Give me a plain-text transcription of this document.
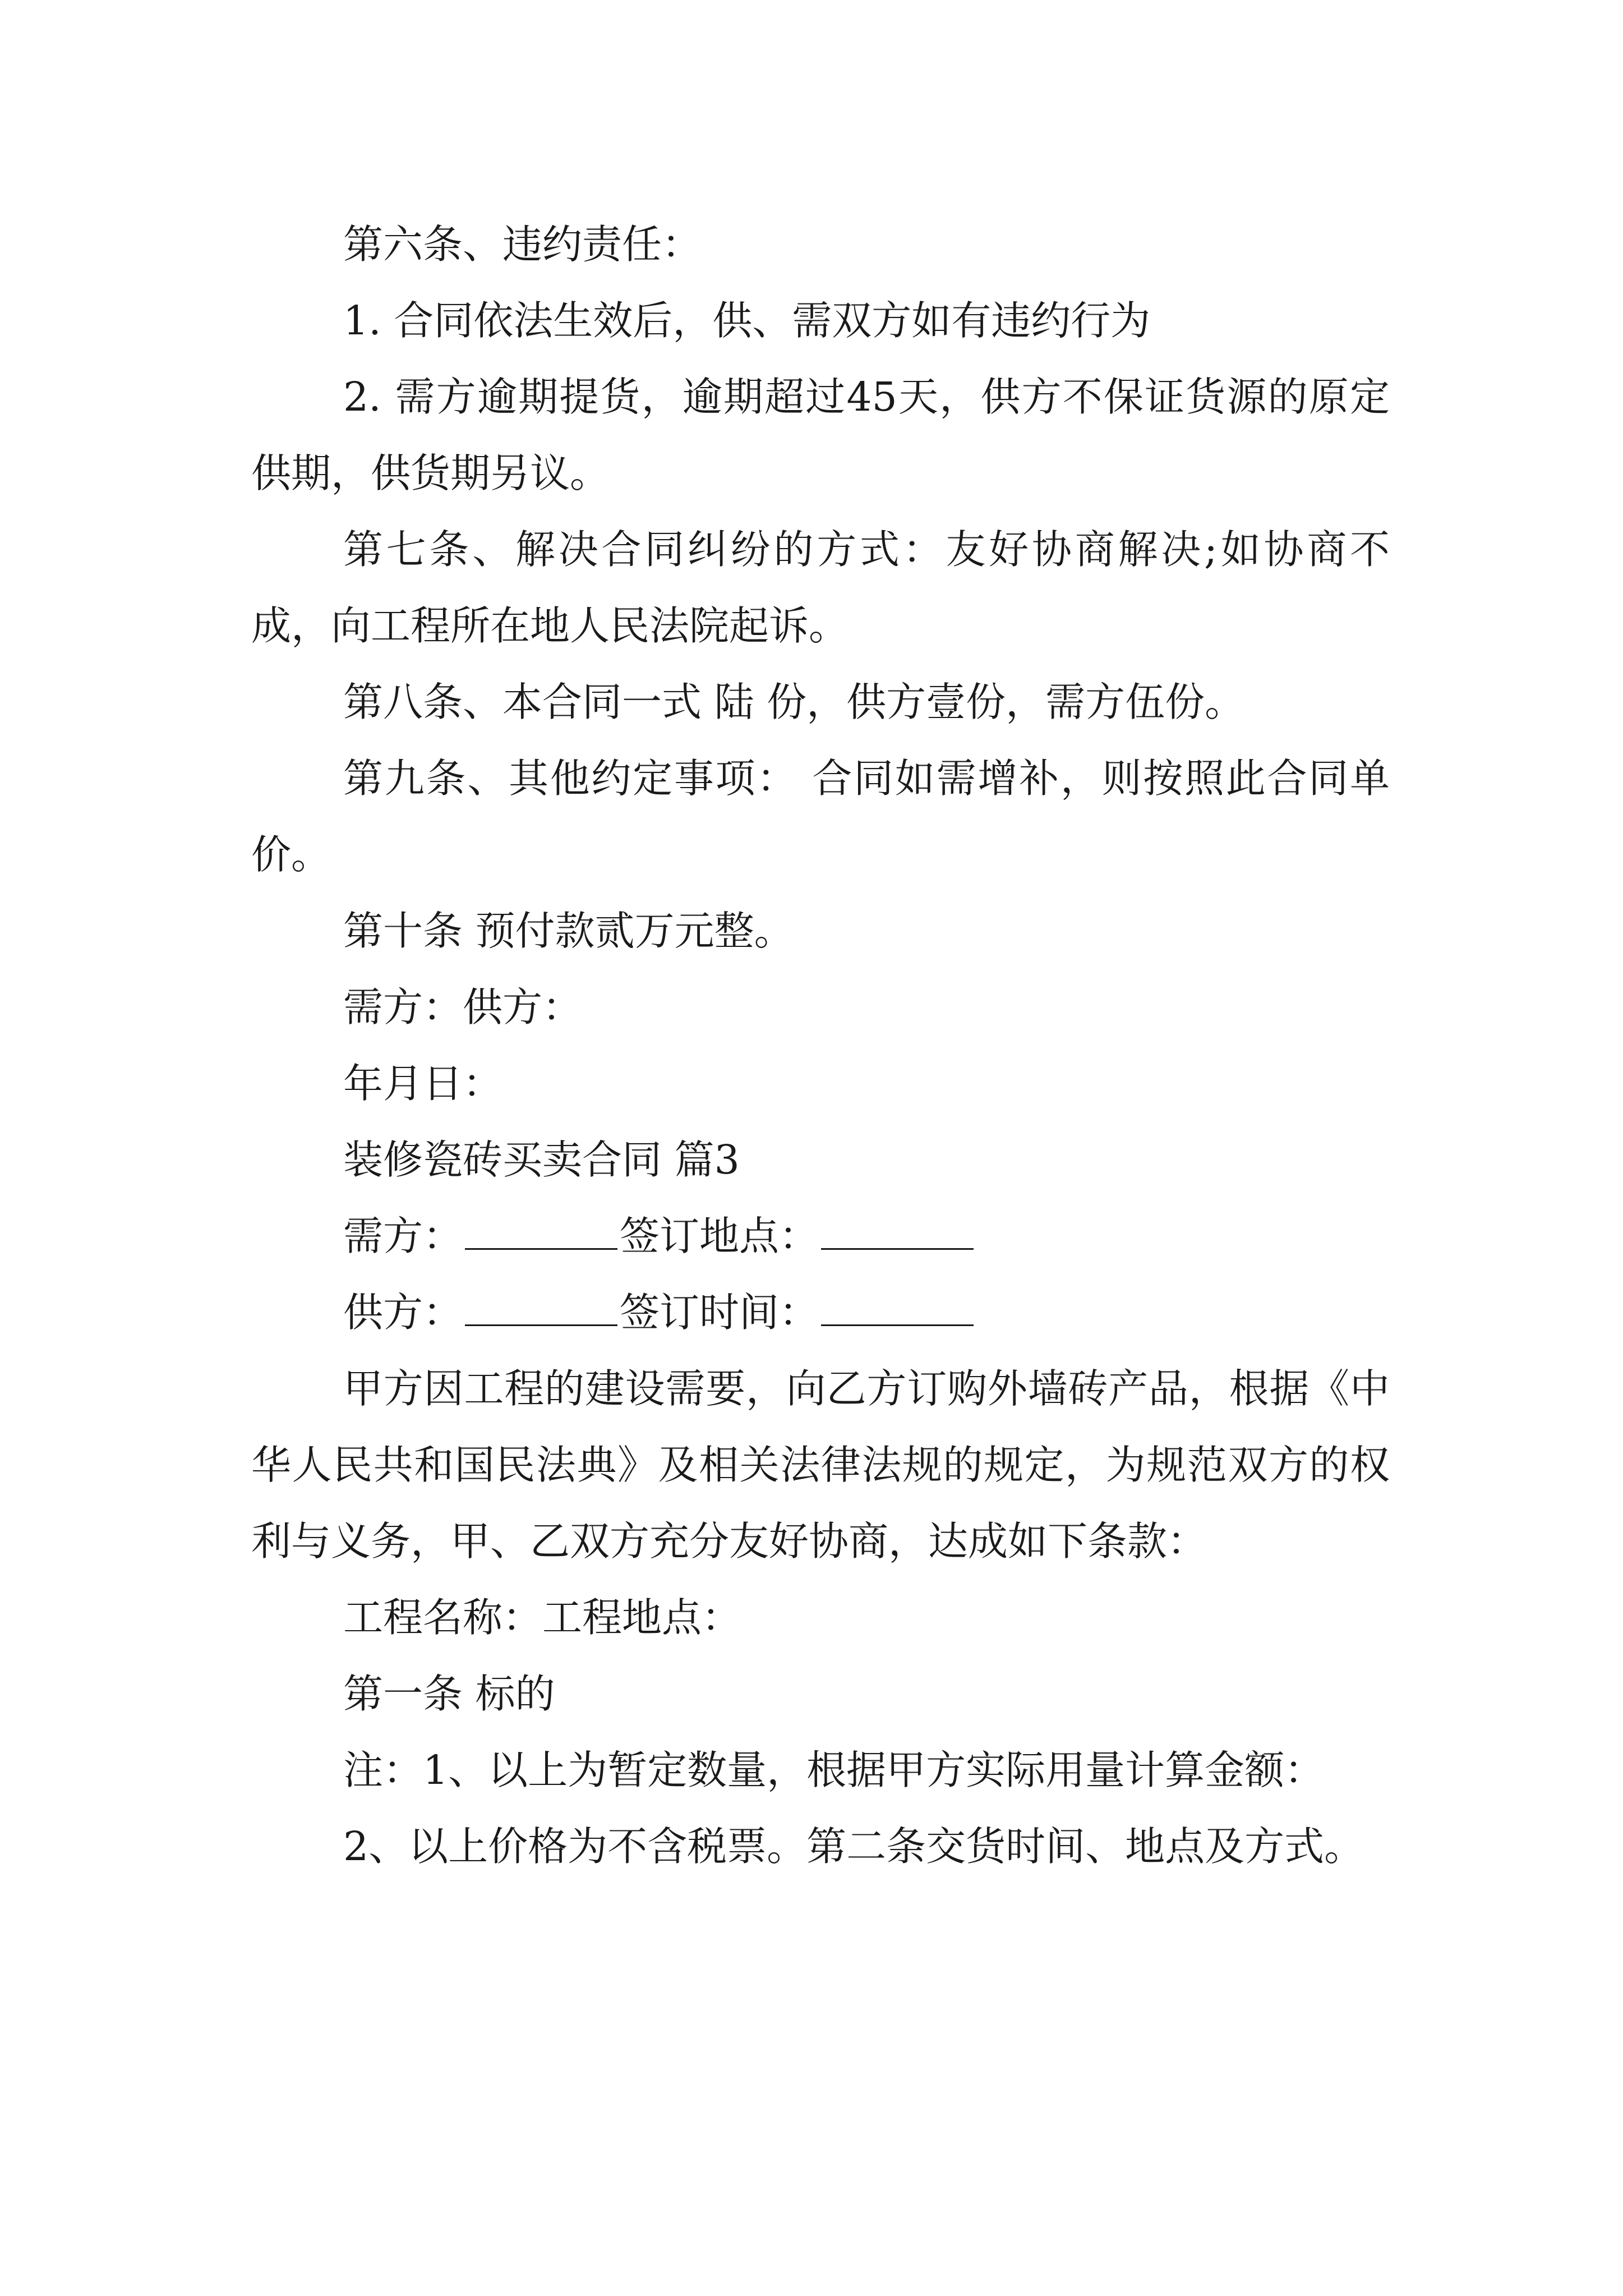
第六条、违约责任：

1. 合同依法生效后，供、需双方如有违约行为

2. 需方逾期提货，逾期超过45天，供方不保证货源的原定供期，供货期另议。

第七条、解决合同纠纷的方式：友好协商解决;如协商不成，向工程所在地人民法院起诉。

第八条、本合同一式 陆 份，供方壹份，需方伍份。

第九条、其他约定事项： 合同如需增补，则按照此合同单价。

第十条 预付款贰万元整。

需方：供方：

年月日：

装修瓷砖买卖合同 篇3

需方：	签订地点：

供方：	签订时间：

甲方因工程的建设需要，向乙方订购外墙砖产品，根据《中华人民共和国民法典》及相关法律法规的规定，为规范双方的权利与义务，甲、乙双方充分友好协商，达成如下条款：

工程名称：工程地点：

第一条 标的

注：1、以上为暂定数量，根据甲方实际用量计算金额：

2、以上价格为不含税票。第二条交货时间、地点及方式。
